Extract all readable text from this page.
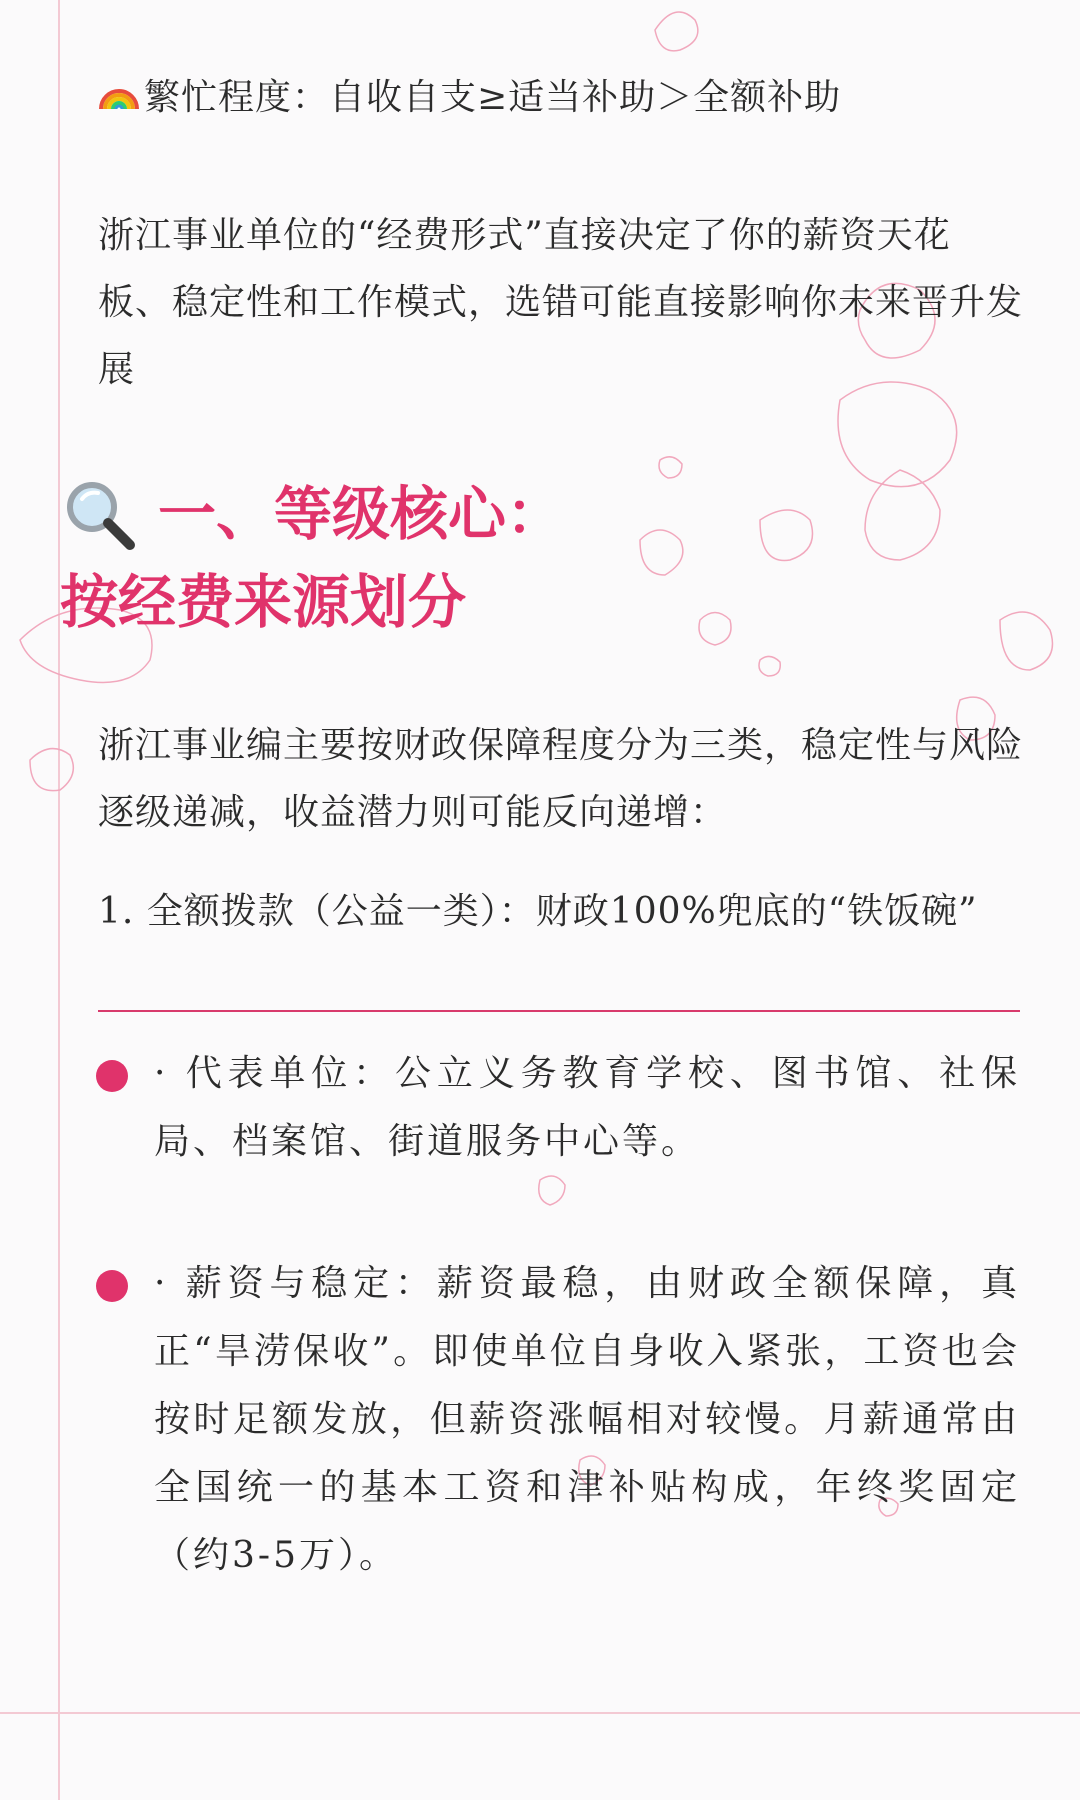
繁忙程度：自收自支≥适当补助＞全额补助
浙江事业单位的“经费形式”直接决定了你的薪资天花板、稳定性和工作模式，选错可能直接影响你未来晋升发展
一、等级核心：
按经费来源划分
浙江事业编主要按财政保障程度分为三类，稳定性与风险逐级递减，收益潜力则可能反向递增：
1. 全额拨款（公益一类）：财政100%兜底的“铁饭碗”
· 代表单位：公立义务教育学校、图书馆、社保局、档案馆、街道服务中心等。
· 薪资与稳定：薪资最稳，由财政全额保障，真正“旱涝保收”。即使单位自身收入紧张，工资也会按时足额发放，但薪资涨幅相对较慢。月薪通常由全国统一的基本工资和津补贴构成，年终奖固定（约3-5万）。
